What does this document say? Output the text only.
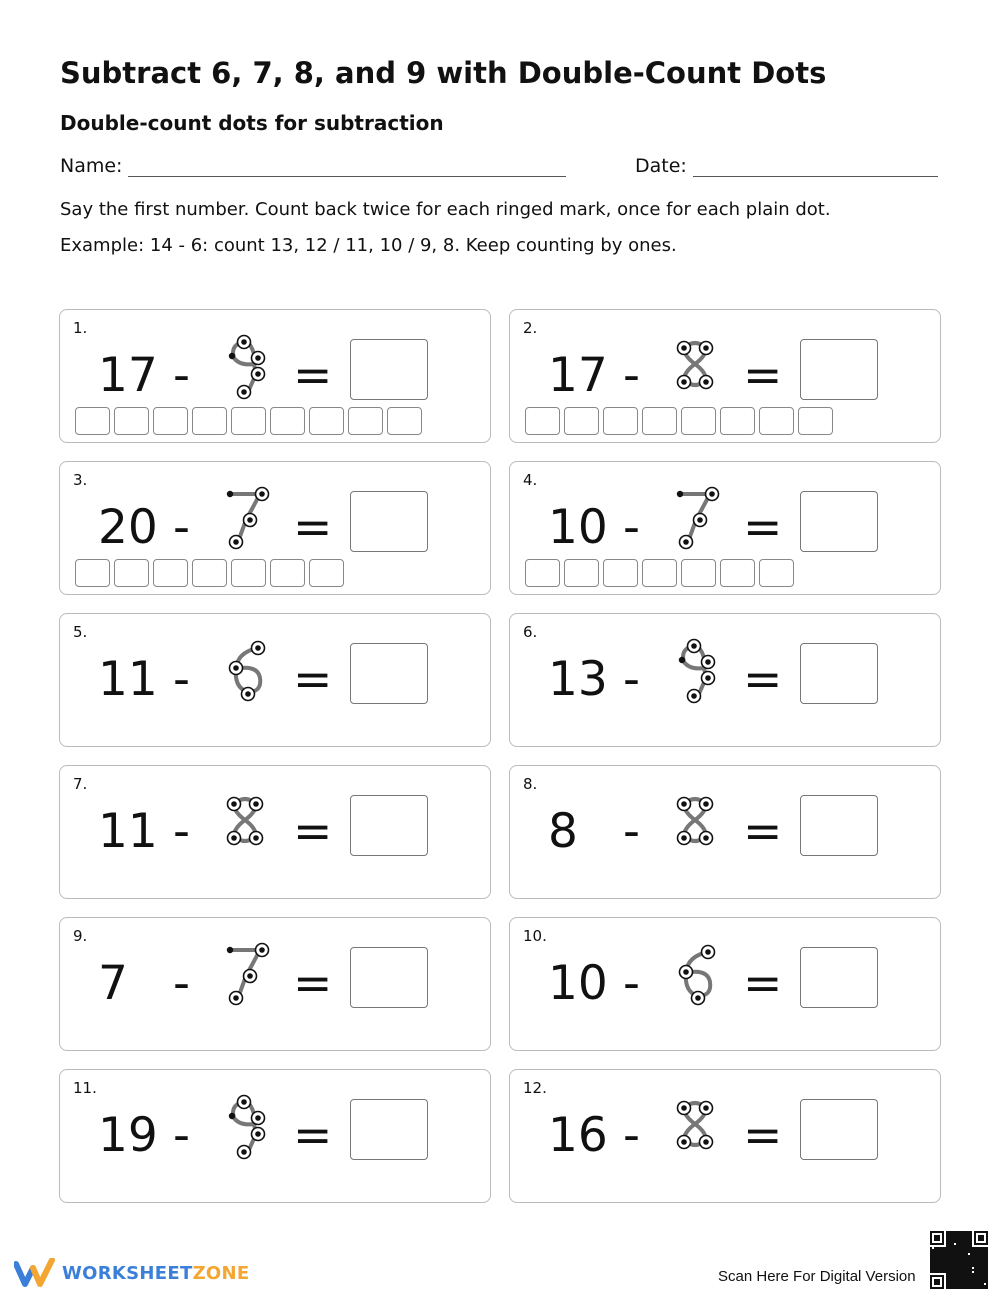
Subtract 6, 7, 8, and 9 with Double-Count Dots
Double-count dots for subtraction
Name:	Date:

Say the first number. Count back twice for each ringed mark, once for each plain dot.

Example: 14 - 6: count 13, 12 / 11, 10 / 9, 8. Keep counting by ones.

1.
17 - =
2.
17 - =
3.
20 - =
4.
10 - =
5.
11 - =
6.
13 - =
7.
11 - =
8.
8 - =
9.
7 - =
10.
10 - =
11.
19 - =
12.
16 - =
WORKSHEETZONE	Scan Here For Digital Version
